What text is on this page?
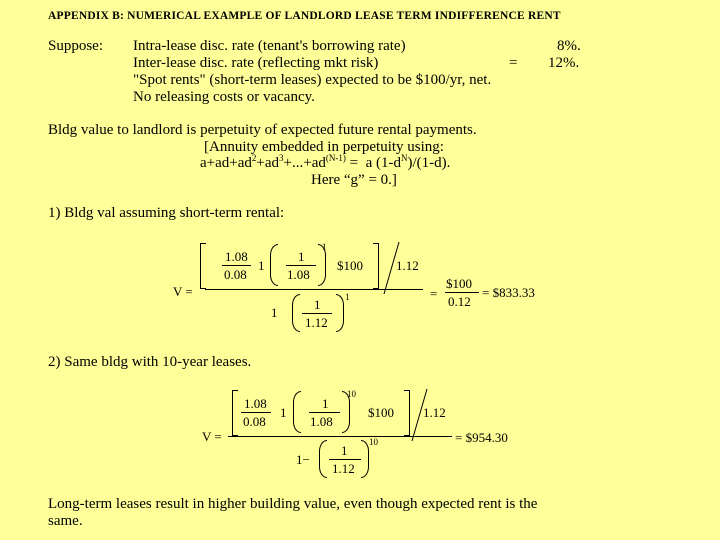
APPENDIX B: NUMERICAL EXAMPLE OF LANDLORD LEASE TERM INDIFFERENCE RENT
Suppose: Intra-lease disc. rate (tenant's borrowing rate)	8%.
Inter-lease disc. rate (reflecting mkt risk)	= 12%.
"Spot rents" (short-term leases) expected to be $100/yr, net.
No releasing costs or vacancy.
Bldg value to landlord is perpetuity of expected future rental payments.
[Annuity embedded in perpetuity using:
$a+ad+ad^2+ad^3+...+ad^{(N-1)} = a$ $(1-d^N)/(1-d)$.
Here “g” = 0.]
1) Bldg val assuming short-term rental:
V =
1.08
0.08
1
1
1.08
1
$100	1.12
1
1
1.12
1	=
$100
0.12
= $833.33
2) Same bldg with 10-year leases.
V =
1.08
0.08
1
1
1.08
10
$100 1.12
1−
1
1.12
10	= $954.30
Long-term leases result in higher building value, even though expected rent is the
same.
